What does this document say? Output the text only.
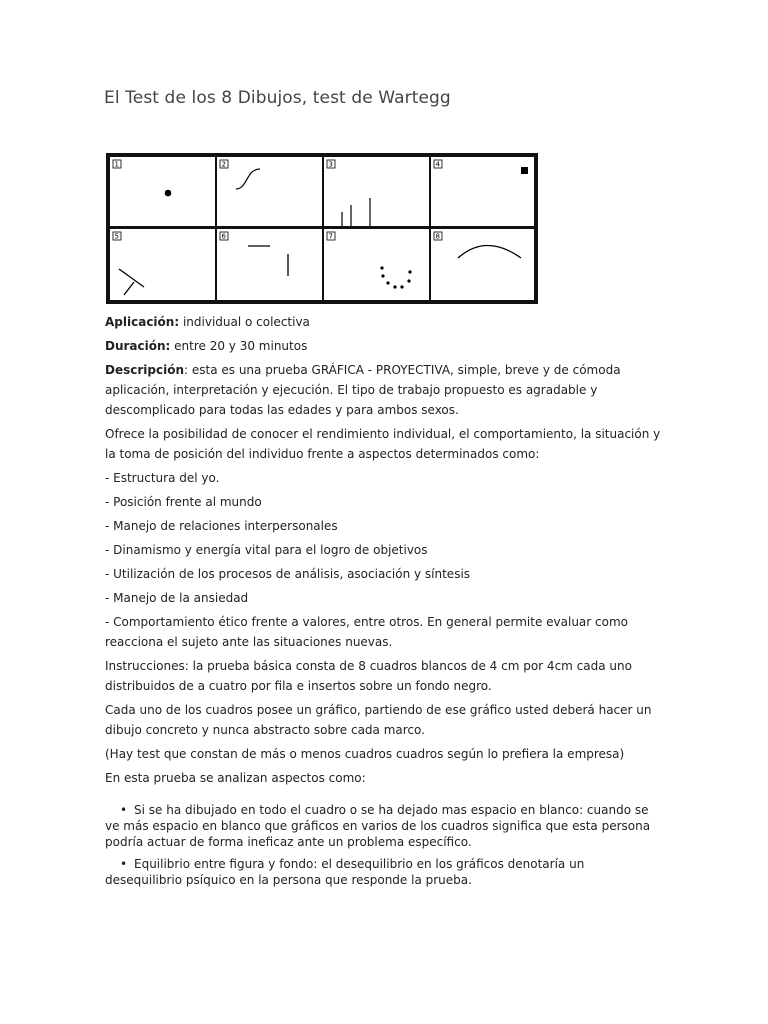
El Test de los 8 Dibujos, test de Wartegg
1	2	3	4
5	6	7	8

Aplicación: individual o colectiva

Duración: entre 20 y 30 minutos

Descripción: esta es una prueba GRÁFICA - PROYECTIVA, simple, breve y de cómoda aplicación, interpretación y ejecución. El tipo de trabajo propuesto es agradable y descomplicado para todas las edades y para ambos sexos.

Ofrece la posibilidad de conocer el rendimiento individual, el comportamiento, la situación y la toma de posición del individuo frente a aspectos determinados como:

- Estructura del yo.

- Posición frente al mundo

- Manejo de relaciones interpersonales

- Dinamismo y energía vital para el logro de objetivos

- Utilización de los procesos de análisis, asociación y síntesis

- Manejo de la ansiedad

- Comportamiento ético frente a valores, entre otros. En general permite evaluar como reacciona el sujeto ante las situaciones nuevas.

Instrucciones: la prueba básica consta de 8 cuadros blancos de 4 cm por 4cm cada uno distribuidos de a cuatro por fila e insertos sobre un fondo negro.

Cada uno de los cuadros posee un gráfico, partiendo de ese gráfico usted deberá hacer un dibujo concreto y nunca abstracto sobre cada marco.

(Hay test que constan de más o menos cuadros cuadros según lo prefiera la empresa)

En esta prueba se analizan aspectos como:

• Si se ha dibujado en todo el cuadro o se ha dejado mas espacio en blanco: cuando se ve más espacio en blanco que gráficos en varios de los cuadros significa que esta persona podría actuar de forma ineficaz ante un problema específico.
• Equilibrio entre figura y fondo: el desequilibrio en los gráficos denotaría un desequilibrio psíquico en la persona que responde la prueba.
